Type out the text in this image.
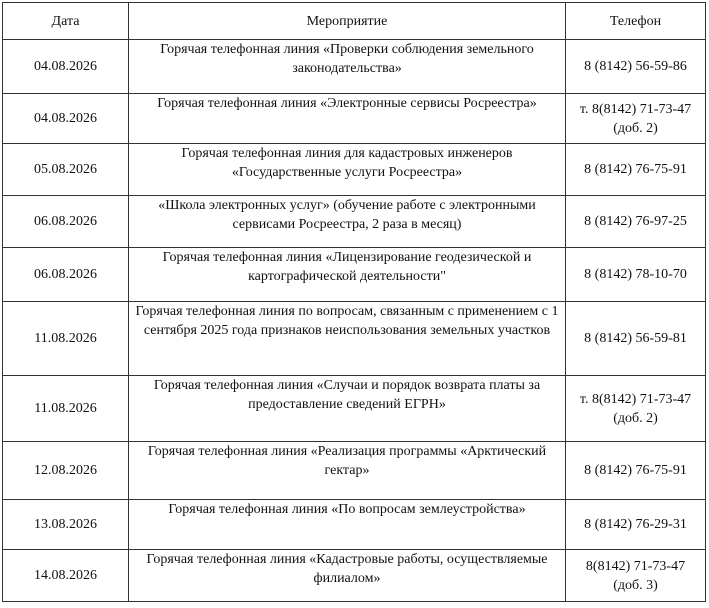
Дата	Мероприятие	Телефон
04.08.2026	Горячая телефонная линия «Проверки соблюдения земельного законодательства»	8 (8142) 56-59-86

04.08.2026	Горячая телефонная линия «Электронные сервисы Росреестра»	т. 8(8142) 71-73-47
(доб. 2)

05.08.2026	Горячая телефонная линия для кадастровых инженеров «Государственные услуги Росреестра»	8 (8142) 76-75-91

06.08.2026	«Школа электронных услуг» (обучение работе с электронными сервисами Росреестра, 2 раза в месяц)	8 (8142) 76-97-25

06.08.2026	Горячая телефонная линия «Лицензирование геодезической и картографической деятельности"	8 (8142) 78-10-70

11.08.2026	Горячая телефонная линия по вопросам, связанным с применением с 1 сентября 2025 года признаков неиспользования земельных участков	8 (8142) 56-59-81

11.08.2026	Горячая телефонная линия «Случаи и порядок возврата платы за предоставление сведений ЕГРН»	т. 8(8142) 71-73-47
(доб. 2)

12.08.2026	Горячая телефонная линия «Реализация программы «Арктический гектар»	8 (8142) 76-75-91

13.08.2026	Горячая телефонная линия «По вопросам землеустройства»	8 (8142) 76-29-31

14.08.2026	Горячая телефонная линия «Кадастровые работы, осуществляемые филиалом»	8(8142) 71-73-47
(доб. 3)
